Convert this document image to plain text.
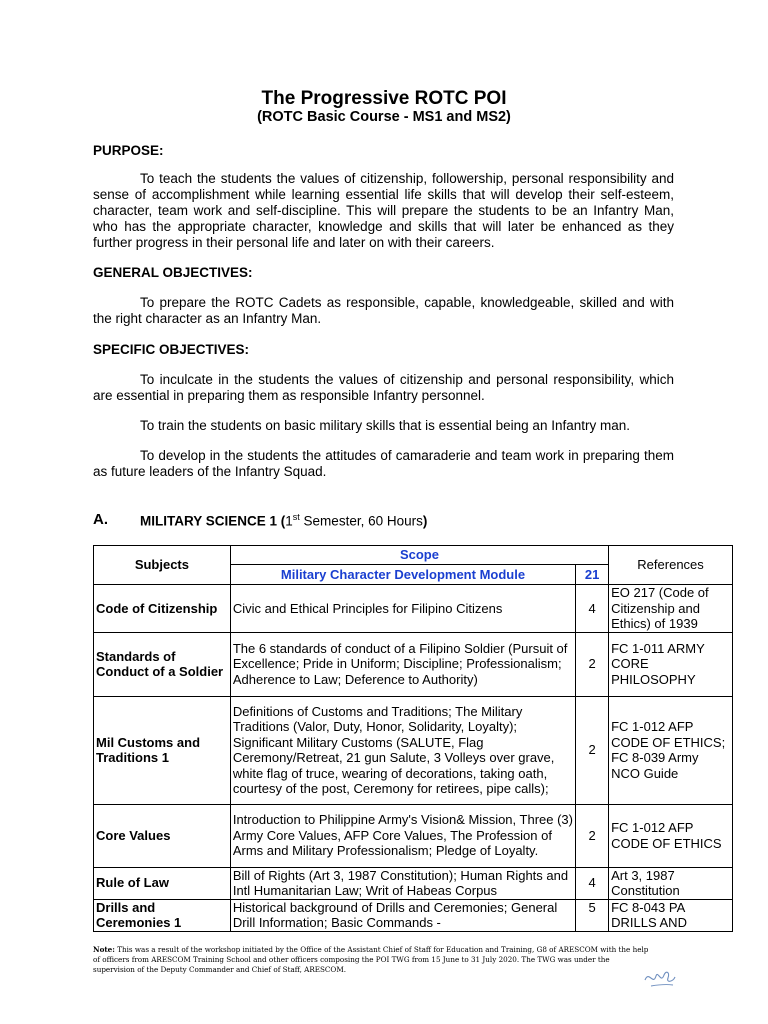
The Progressive ROTC POI
(ROTC Basic Course - MS1 and MS2)
PURPOSE:

To teach the students the values of citizenship, followership, personal responsibility and sense of accomplishment while learning essential life skills that will develop their self-esteem, character, team work and self-discipline. This will prepare the students to be an Infantry Man, who has the appropriate character, knowledge and skills that will later be enhanced as they further progress in their personal life and later on with their careers.

GENERAL OBJECTIVES:

To prepare the ROTC Cadets as responsible, capable, knowledgeable, skilled and with the right character as an Infantry Man.

SPECIFIC OBJECTIVES:

To inculcate in the students the values of citizenship and personal responsibility, which are essential in preparing them as responsible Infantry personnel.

To train the students on basic military skills that is essential being an Infantry man.

To develop in the students the attitudes of camaraderie and team work in preparing them as future leaders of the Infantry Squad.

A. MILITARY SCIENCE 1 (1st Semester, 60 Hours)
Subjects	Scope		References
	Military Character Development Module	21	
Code of Citizenship	Civic and Ethical Principles for Filipino Citizens	4	EO 217 (Code of Citizenship and Ethics) of 1939
Standards of Conduct of a Soldier	The 6 standards of conduct of a Filipino Soldier (Pursuit of Excellence; Pride in Uniform; Discipline; Professionalism; Adherence to Law; Deference to Authority)	2	FC 1-011 ARMY CORE PHILOSOPHY
Mil Customs and Traditions 1	Definitions of Customs and Traditions; The Military Traditions (Valor, Duty, Honor, Solidarity, Loyalty); Significant Military Customs (SALUTE, Flag Ceremony/Retreat, 21 gun Salute, 3 Volleys over grave, white flag of truce, wearing of decorations, taking oath, courtesy of the post, Ceremony for retirees, pipe calls);	2	FC 1-012 AFP CODE OF ETHICS; FC 8-039 Army NCO Guide
Core Values	Introduction to Philippine Army's Vision& Mission, Three (3) Army Core Values, AFP Core Values, The Profession of Arms and Military Professionalism; Pledge of Loyalty.	2	FC 1-012 AFP CODE OF ETHICS
Rule of Law	Bill of Rights (Art 3, 1987 Constitution); Human Rights and Intl Humanitarian Law; Writ of Habeas Corpus	4	Art 3, 1987 Constitution
Drills and Ceremonies 1	Historical background of Drills and Ceremonies; General Drill Information; Basic Commands -	5	FC 8-043 PA DRILLS AND
Note: This was a result of the workshop initiated by the Office of the Assistant Chief of Staff for Education and Training, G8 of ARESCOM with the help of officers from ARESCOM Training School and other officers composing the POI TWG from 15 June to 31 July 2020. The TWG was under the supervision of the Deputy Commander and Chief of Staff, ARESCOM.
